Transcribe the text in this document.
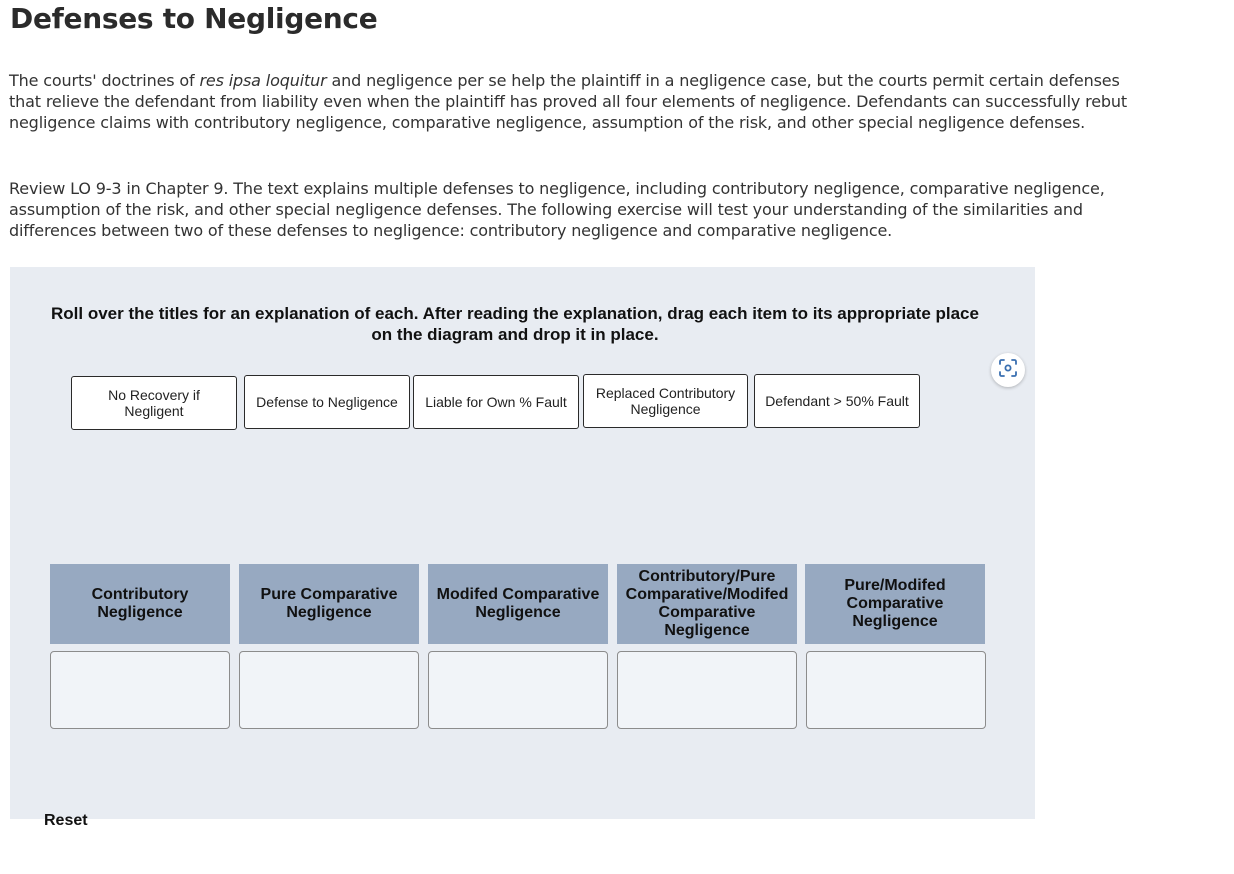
Defenses to Negligence

The courts' doctrines of res ipsa loquitur and negligence per se help the plaintiff in a negligence case, but the courts permit certain defenses that relieve the defendant from liability even when the plaintiff has proved all four elements of negligence. Defendants can successfully rebut negligence claims with contributory negligence, comparative negligence, assumption of the risk, and other special negligence defenses.

Review LO 9-3 in Chapter 9. The text explains multiple defenses to negligence, including contributory negligence, comparative negligence, assumption of the risk, and other special negligence defenses. The following exercise will test your understanding of the similarities and differences between two of these defenses to negligence: contributory negligence and comparative negligence.

Roll over the titles for an explanation of each. After reading the explanation, drag each item to its appropriate place on the diagram and drop it in place.
No Recovery if Negligent
Defense to Negligence	Liable for Own % Fault
Replaced Contributory Negligence	Defendant > 50% Fault
Contributory Negligence
Pure Comparative Negligence
Modifed Comparative Negligence
Contributory/Pure Comparative/Modifed Comparative Negligence
Pure/Modifed Comparative Negligence
Reset
